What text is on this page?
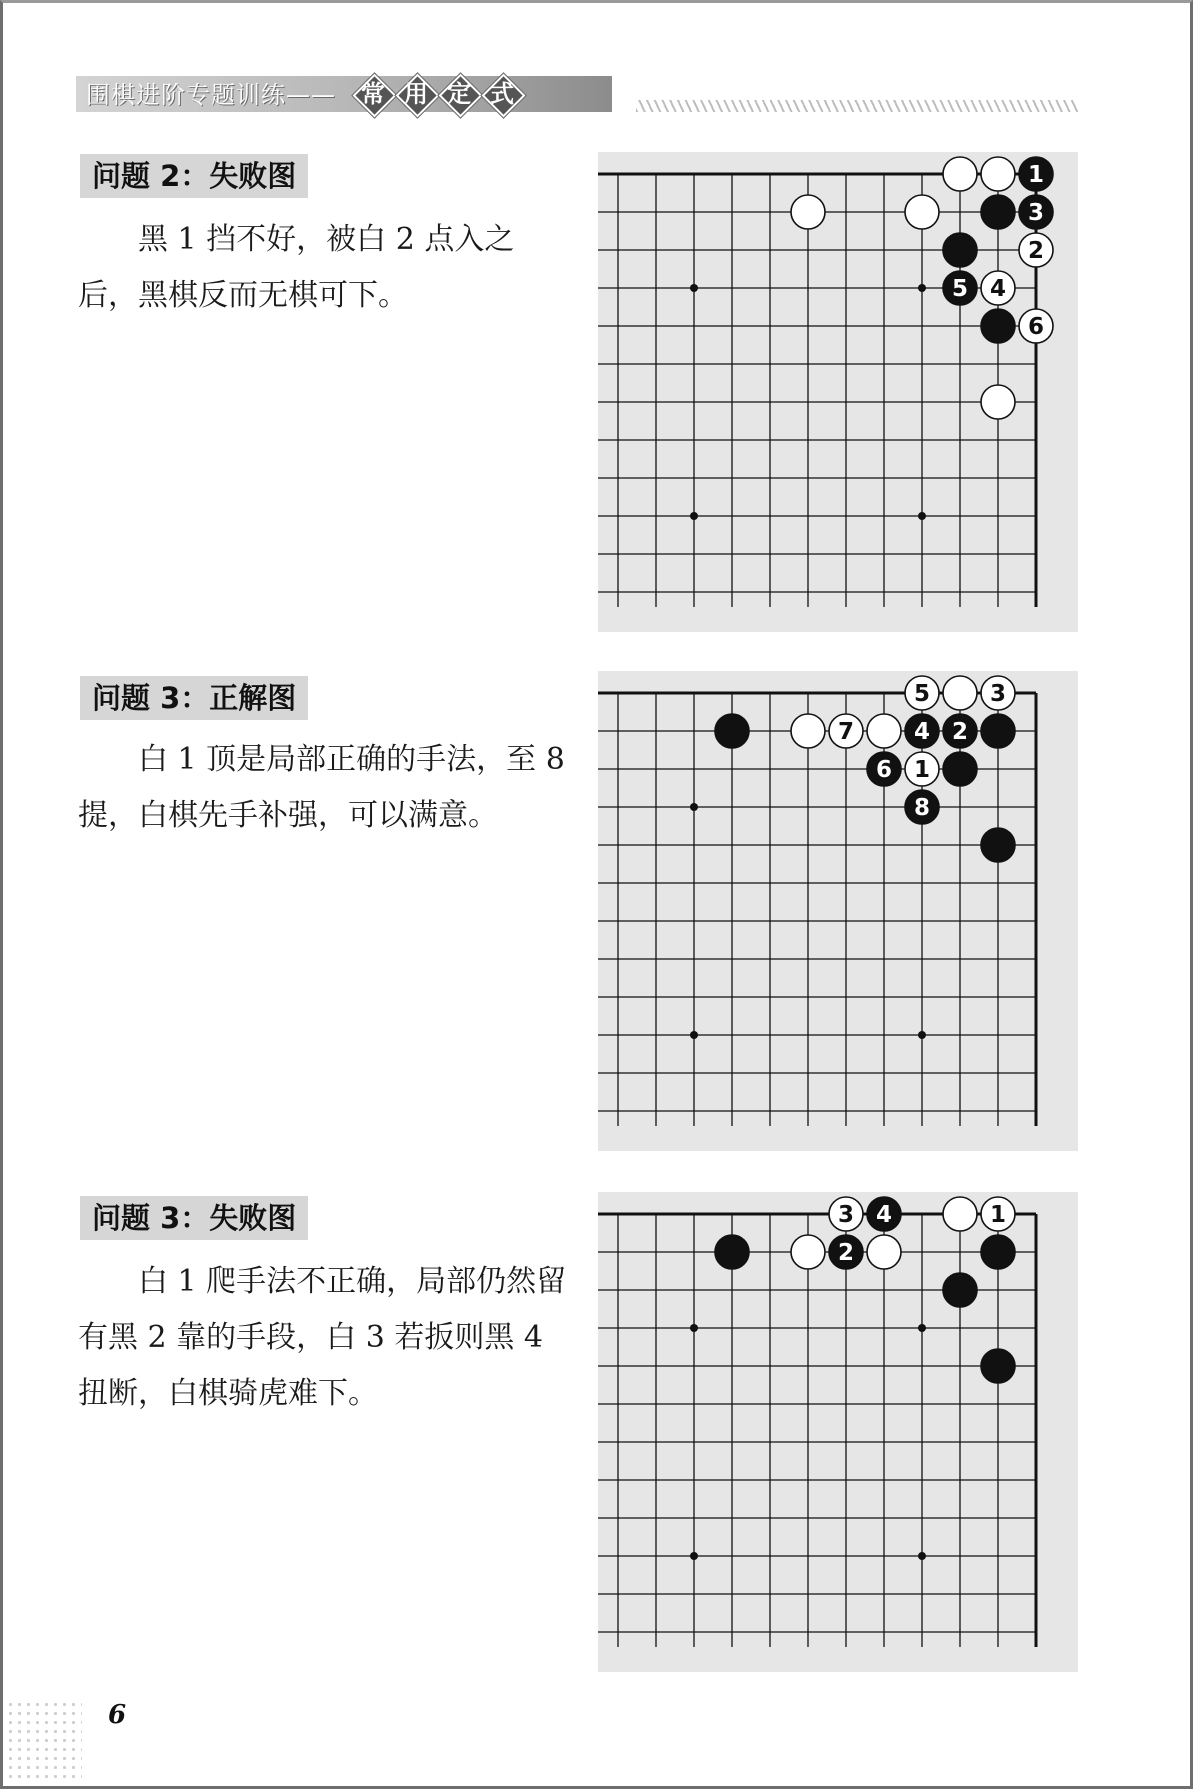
围棋进阶专题训练——	常 用 定 式
问题 2：失败图
黑 1 挡不好，被白 2 点入之后，黑棋反而无棋可下。
1
3
2
5 4
6
问题 3：正解图
白 1 顶是局部正确的手法，至 8 提，白棋先手补强，可以满意。
5	3
7	4 2
6 1
8
问题 3：失败图
白 1 爬手法不正确，局部仍然留有黑 2 靠的手段，白 3 若扳则黑 4 扭断，白棋骑虎难下。
3 4	1
2
6
